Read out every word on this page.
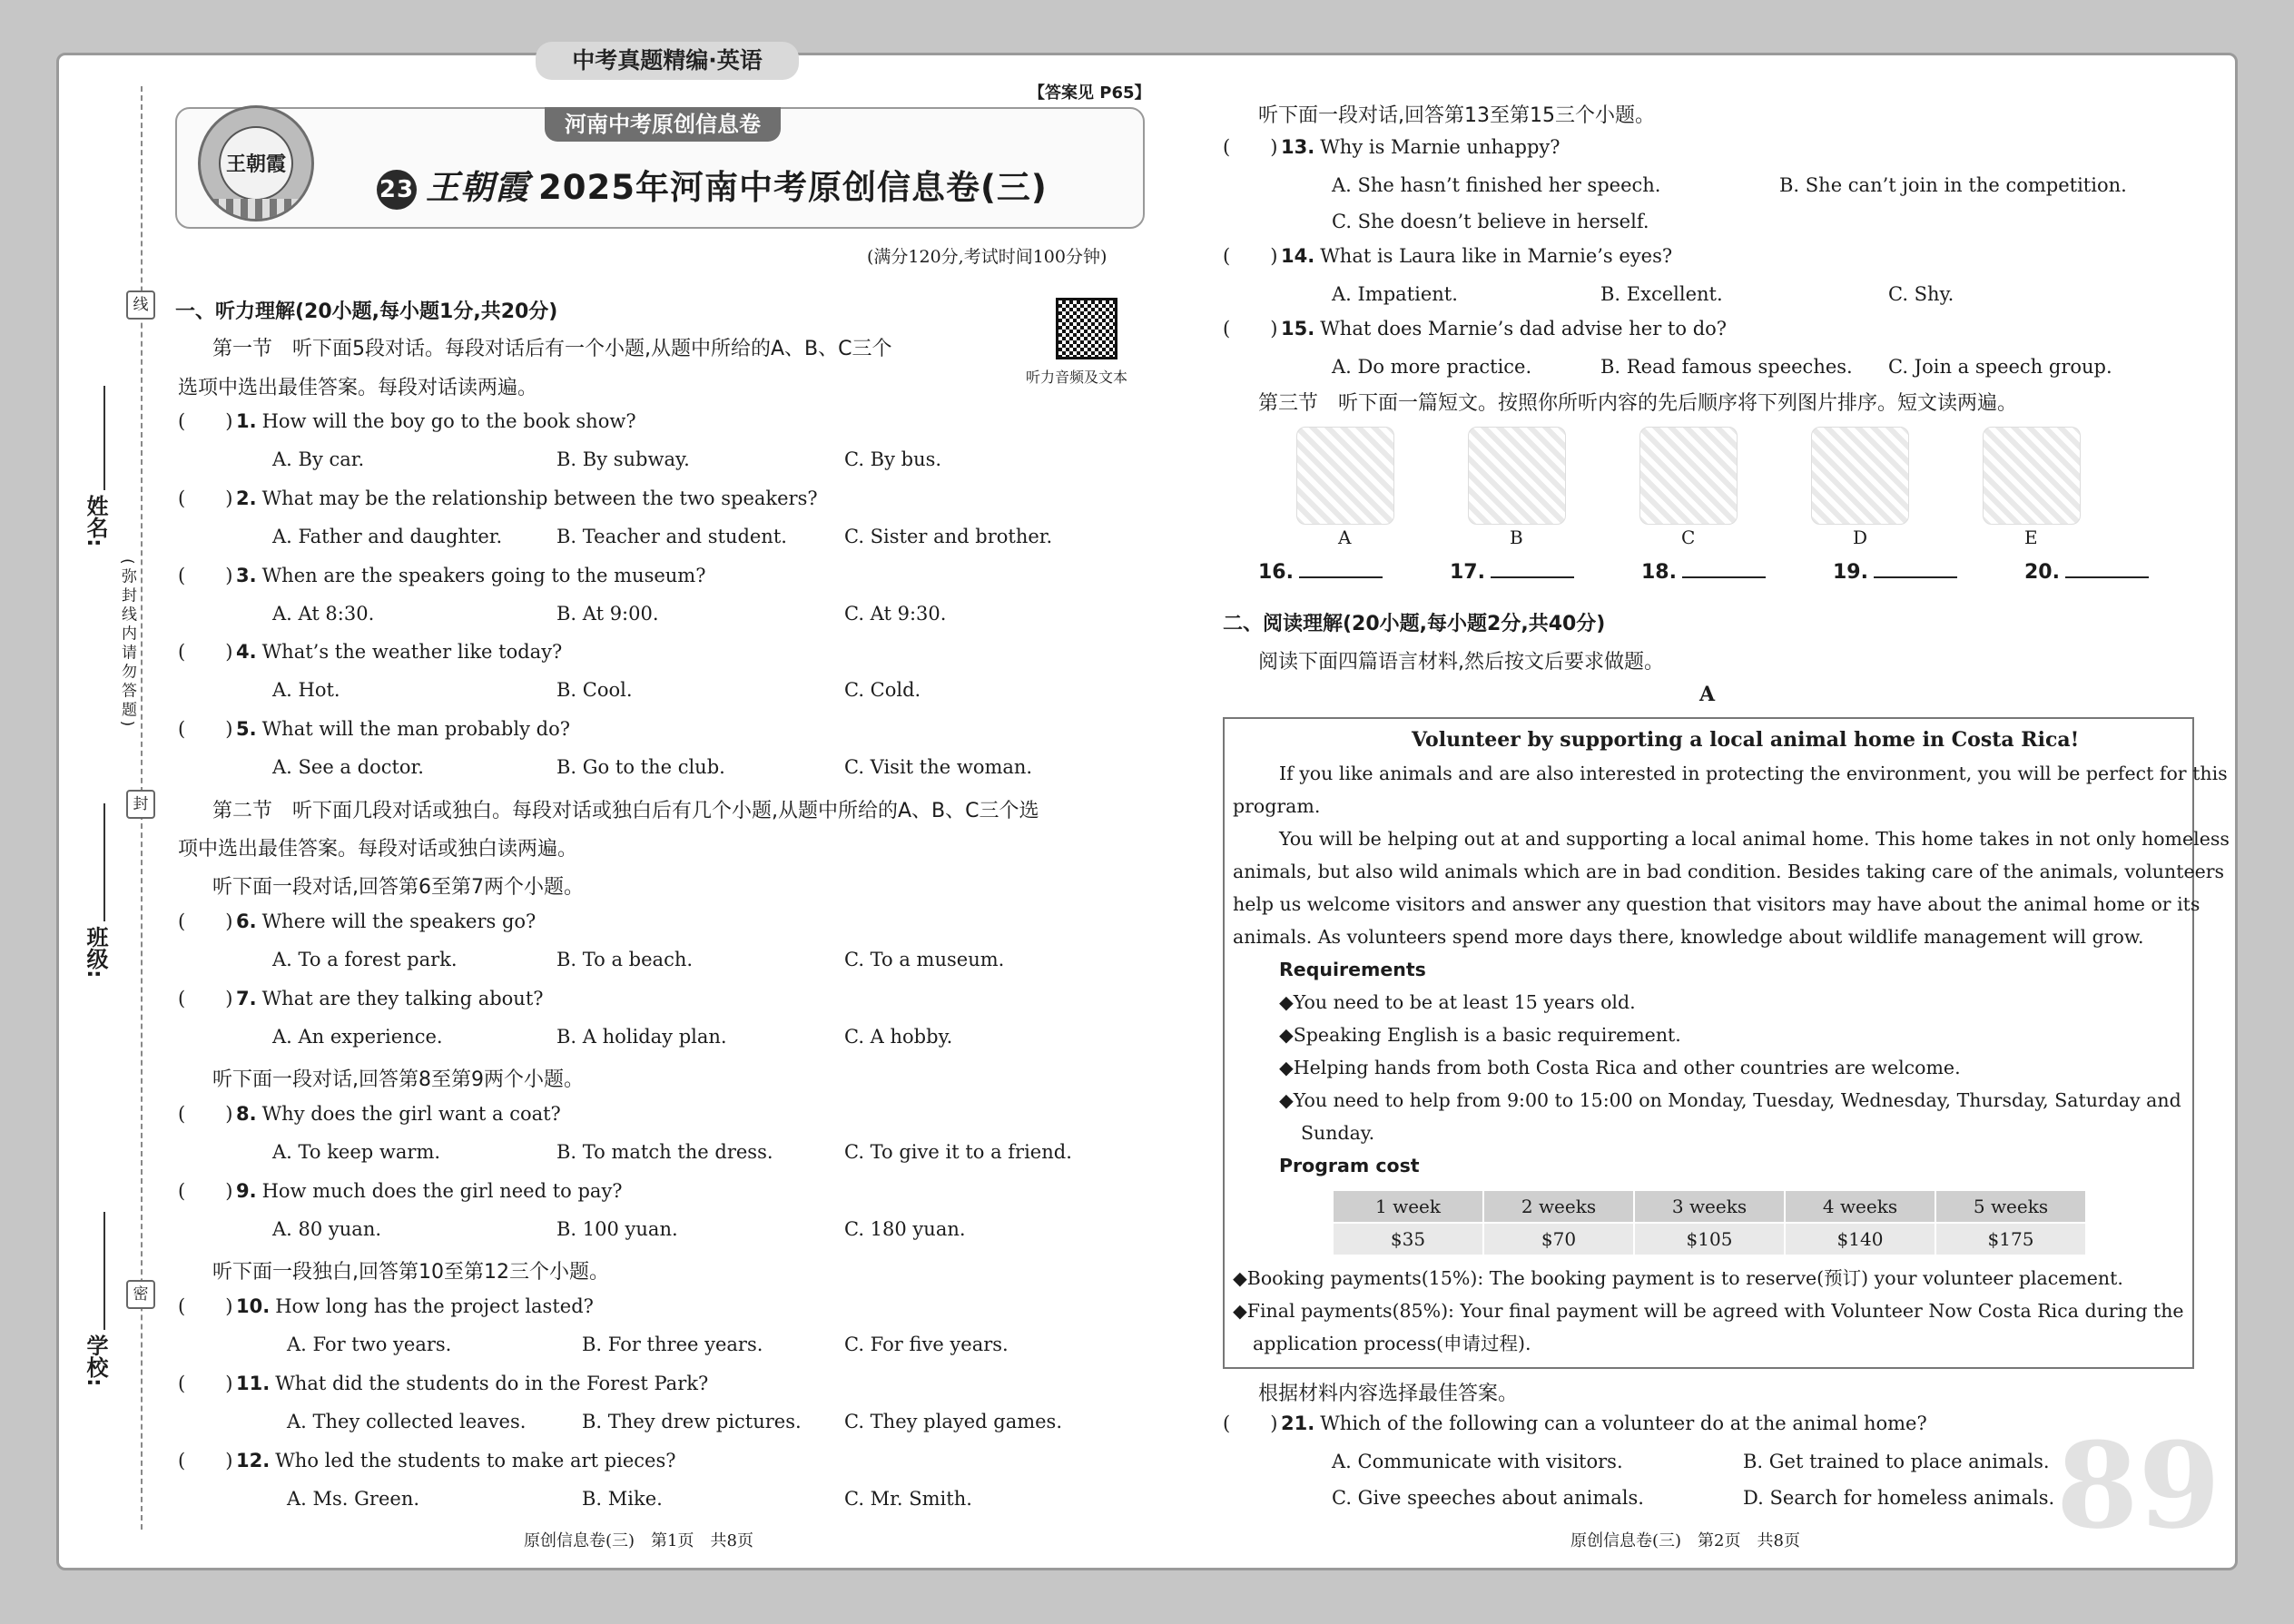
中考真题精编·英语
线
封
密
(弥封线内请勿答题)
姓名:
班级:
学校:
【答案见 P65】
河南中考原创信息卷
王朝霞
23 王朝霞 2025年河南中考原创信息卷(三)
(满分120分,考试时间100分钟)
一、听力理解(20小题,每小题1分,共20分)
听力音频及文本
第一节　听下面5段对话。每段对话后有一个小题,从题中所给的A、B、C三个
选项中选出最佳答案。每段对话读两遍。
( ) 1. How will the boy go to the book show?
A. By car.	B. By subway.	C. By bus.
( ) 2. What may be the relationship between the two speakers?
A. Father and daughter.	B. Teacher and student.	C. Sister and brother.
( ) 3. When are the speakers going to the museum?
A. At 8:30.	B. At 9:00.	C. At 9:30.
( ) 4. What’s the weather like today?
A. Hot.	B. Cool.	C. Cold.
( ) 5. What will the man probably do?
A. See a doctor.	B. Go to the club.	C. Visit the woman.
( ) 6. Where will the speakers go?
A. To a forest park.	B. To a beach.	C. To a museum.
( ) 7. What are they talking about?
A. An experience.	B. A holiday plan.	C. A hobby.
( ) 8. Why does the girl want a coat?
A. To keep warm.	B. To match the dress.	C. To give it to a friend.
( ) 9. How much does the girl need to pay?
A. 80 yuan.	B. 100 yuan.	C. 180 yuan.
( ) 10. How long has the project lasted?
A. For two years.	B. For three years.	C. For five years.
( ) 11. What did the students do in the Forest Park?
A. They collected leaves.	B. They drew pictures. C. They played games.
( ) 12. Who led the students to make art pieces?
A. Ms. Green.	B. Mike.	C. Mr. Smith.
第二节　听下面几段对话或独白。每段对话或独白后有几个小题,从题中所给的A、B、C三个选
项中选出最佳答案。每段对话或独白读两遍。
听下面一段对话,回答第6至第7两个小题。
听下面一段对话,回答第8至第9两个小题。
听下面一段独白,回答第10至第12三个小题。
听下面一段对话,回答第13至第15三个小题。
第三节　听下面一篇短文。按照你所听内容的先后顺序将下列图片排序。短文读两遍。
A	B	C	D	E
16.	17.	18.	19.	20.
二、阅读理解(20小题,每小题2分,共40分)
阅读下面四篇语言材料,然后按文后要求做题。
A
Volunteer by supporting a local animal home in Costa Rica!
If you like animals and are also interested in protecting the environment, you will be perfect for this
program.
You will be helping out at and supporting a local animal home. This home takes in not only homeless
animals, but also wild animals which are in bad condition. Besides taking care of the animals, volunteers
help us welcome visitors and answer any question that visitors may have about the animal home or its
animals. As volunteers spend more days there, knowledge about wildlife management will grow.
Requirements
◆You need to be at least 15 years old.
◆Speaking English is a basic requirement.
◆Helping hands from both Costa Rica and other countries are welcome.
◆You need to help from 9:00 to 15:00 on Monday, Tuesday, Wednesday, Thursday, Saturday and
Sunday.
Program cost
1 week	2 weeks	3 weeks	4 weeks	5 weeks
$35	$70	$105	$140	$175
◆Booking payments(15%): The booking payment is to reserve(预订) your volunteer placement.
◆Final payments(85%): Your final payment will be agreed with Volunteer Now Costa Rica during the
application process(申请过程).
根据材料内容选择最佳答案。
( ) 13. Why is Marnie unhappy?
A. She hasn’t finished her speech.	B. She can’t join in the competition.
C. She doesn’t believe in herself.
( ) 14. What is Laura like in Marnie’s eyes?
A. Impatient.	B. Excellent.	C. Shy.
( ) 15. What does Marnie’s dad advise her to do?
A. Do more practice.	B. Read famous speeches. C. Join a speech group.
( ) 21. Which of the following can a volunteer do at the animal home?
A. Communicate with visitors.	B. Get trained to place animals.
C. Give speeches about animals.	D. Search for homeless animals. 89
原创信息卷(三)　第1页　共8页	原创信息卷(三)　第2页　共8页
